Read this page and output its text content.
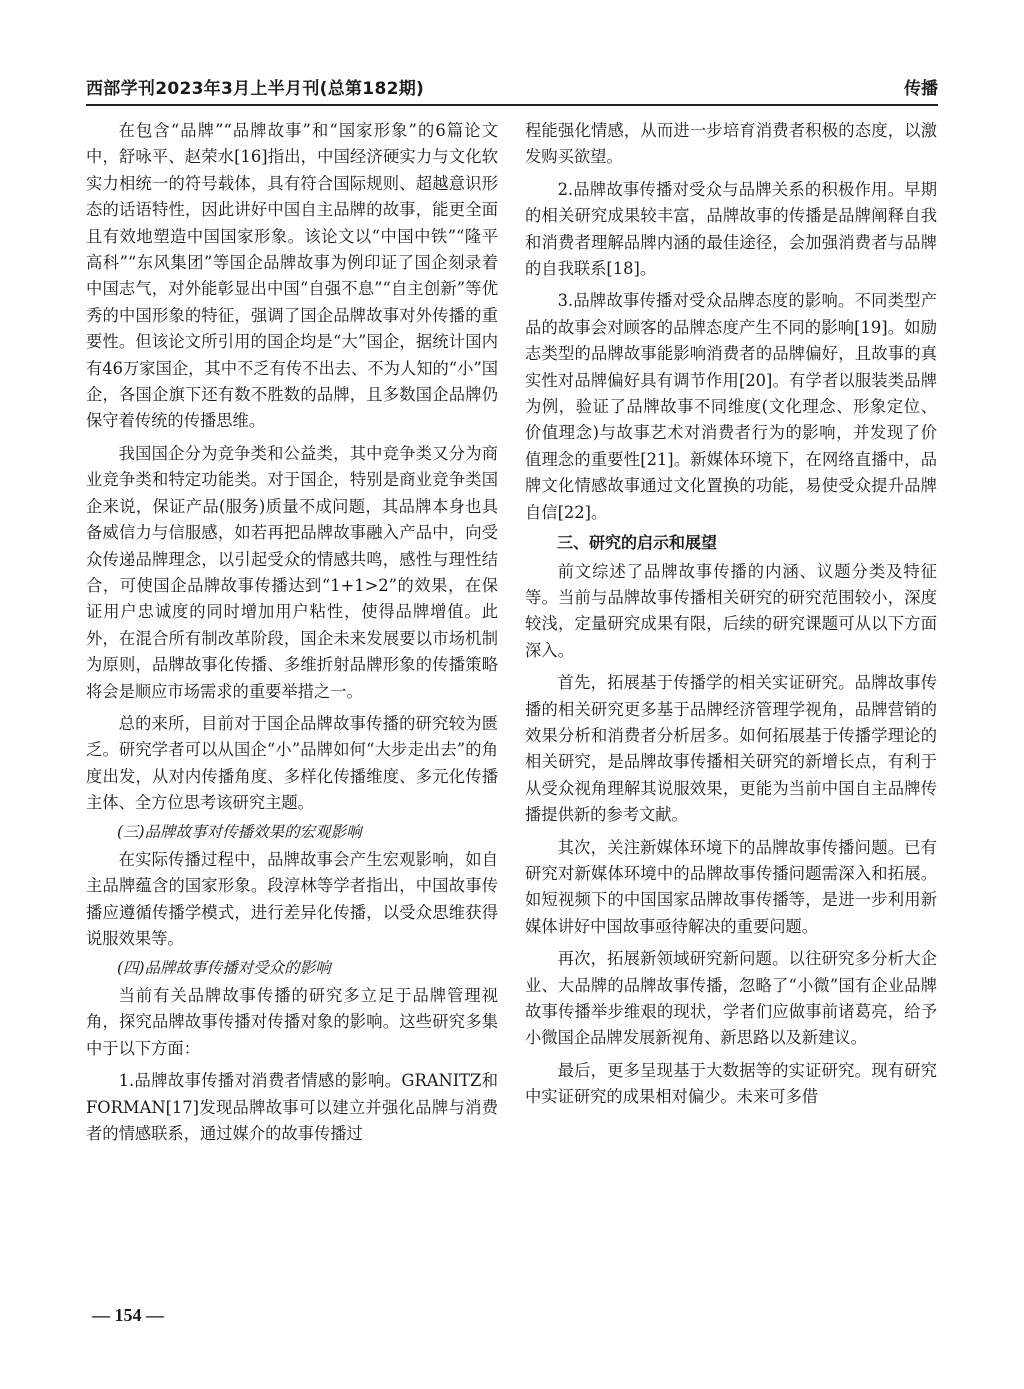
西部学刊2023年3月上半月刊(总第182期)	传播

在包含“品牌”“品牌故事”和“国家形象”的6篇论文中，舒咏平、赵荣水[16]指出，中国经济硬实力与文化软实力相统一的符号载体，具有符合国际规则、超越意识形态的话语特性，因此讲好中国自主品牌的故事，能更全面且有效地塑造中国国家形象。该论文以“中国中铁”“隆平高科”“东风集团”等国企品牌故事为例印证了国企刻录着中国志气，对外能彰显出中国“自强不息”“自主创新”等优秀的中国形象的特征，强调了国企品牌故事对外传播的重要性。但该论文所引用的国企均是“大”国企，据统计国内有46万家国企，其中不乏有传不出去、不为人知的“小”国企，各国企旗下还有数不胜数的品牌，且多数国企品牌仍保守着传统的传播思维。

我国国企分为竞争类和公益类，其中竞争类又分为商业竞争类和特定功能类。对于国企，特别是商业竞争类国企来说，保证产品(服务)质量不成问题，其品牌本身也具备威信力与信服感，如若再把品牌故事融入产品中，向受众传递品牌理念，以引起受众的情感共鸣，感性与理性结合，可使国企品牌故事传播达到“1+1>2”的效果，在保证用户忠诚度的同时增加用户粘性，使得品牌增值。此外，在混合所有制改革阶段，国企未来发展要以市场机制为原则，品牌故事化传播、多维折射品牌形象的传播策略将会是顺应市场需求的重要举措之一。

总的来所，目前对于国企品牌故事传播的研究较为匮乏。研究学者可以从国企“小”品牌如何“大步走出去”的角度出发，从对内传播角度、多样化传播维度、多元化传播主体、全方位思考该研究主题。

(三)品牌故事对传播效果的宏观影响

在实际传播过程中，品牌故事会产生宏观影响，如自主品牌蕴含的国家形象。段淳林等学者指出，中国故事传播应遵循传播学模式，进行差异化传播，以受众思维获得说服效果等。

(四)品牌故事传播对受众的影响

当前有关品牌故事传播的研究多立足于品牌管理视角，探究品牌故事传播对传播对象的影响。这些研究多集中于以下方面：

1.品牌故事传播对消费者情感的影响。GRANITZ和FORMAN[17]发现品牌故事可以建立并强化品牌与消费者的情感联系，通过媒介的故事传播过

程能强化情感，从而进一步培育消费者积极的态度，以激发购买欲望。

2.品牌故事传播对受众与品牌关系的积极作用。早期的相关研究成果较丰富，品牌故事的传播是品牌阐释自我和消费者理解品牌内涵的最佳途径，会加强消费者与品牌的自我联系[18]。

3.品牌故事传播对受众品牌态度的影响。不同类型产品的故事会对顾客的品牌态度产生不同的影响[19]。如励志类型的品牌故事能影响消费者的品牌偏好，且故事的真实性对品牌偏好具有调节作用[20]。有学者以服装类品牌为例，验证了品牌故事不同维度(文化理念、形象定位、价值理念)与故事艺术对消费者行为的影响，并发现了价值理念的重要性[21]。新媒体环境下，在网络直播中，品牌文化情感故事通过文化置换的功能，易使受众提升品牌自信[22]。

三、研究的启示和展望

前文综述了品牌故事传播的内涵、议题分类及特征等。当前与品牌故事传播相关研究的研究范围较小，深度较浅，定量研究成果有限，后续的研究课题可从以下方面深入。

首先，拓展基于传播学的相关实证研究。品牌故事传播的相关研究更多基于品牌经济管理学视角，品牌营销的效果分析和消费者分析居多。如何拓展基于传播学理论的相关研究，是品牌故事传播相关研究的新增长点，有利于从受众视角理解其说服效果，更能为当前中国自主品牌传播提供新的参考文献。

其次，关注新媒体环境下的品牌故事传播问题。已有研究对新媒体环境中的品牌故事传播问题需深入和拓展。如短视频下的中国国家品牌故事传播等，是进一步利用新媒体讲好中国故事亟待解决的重要问题。

再次，拓展新领域研究新问题。以往研究多分析大企业、大品牌的品牌故事传播，忽略了“小微”国有企业品牌故事传播举步维艰的现状，学者们应做事前诸葛亮，给予小微国企品牌发展新视角、新思路以及新建议。

最后，更多呈现基于大数据等的实证研究。现有研究中实证研究的成果相对偏少。未来可多借

— 154 —
